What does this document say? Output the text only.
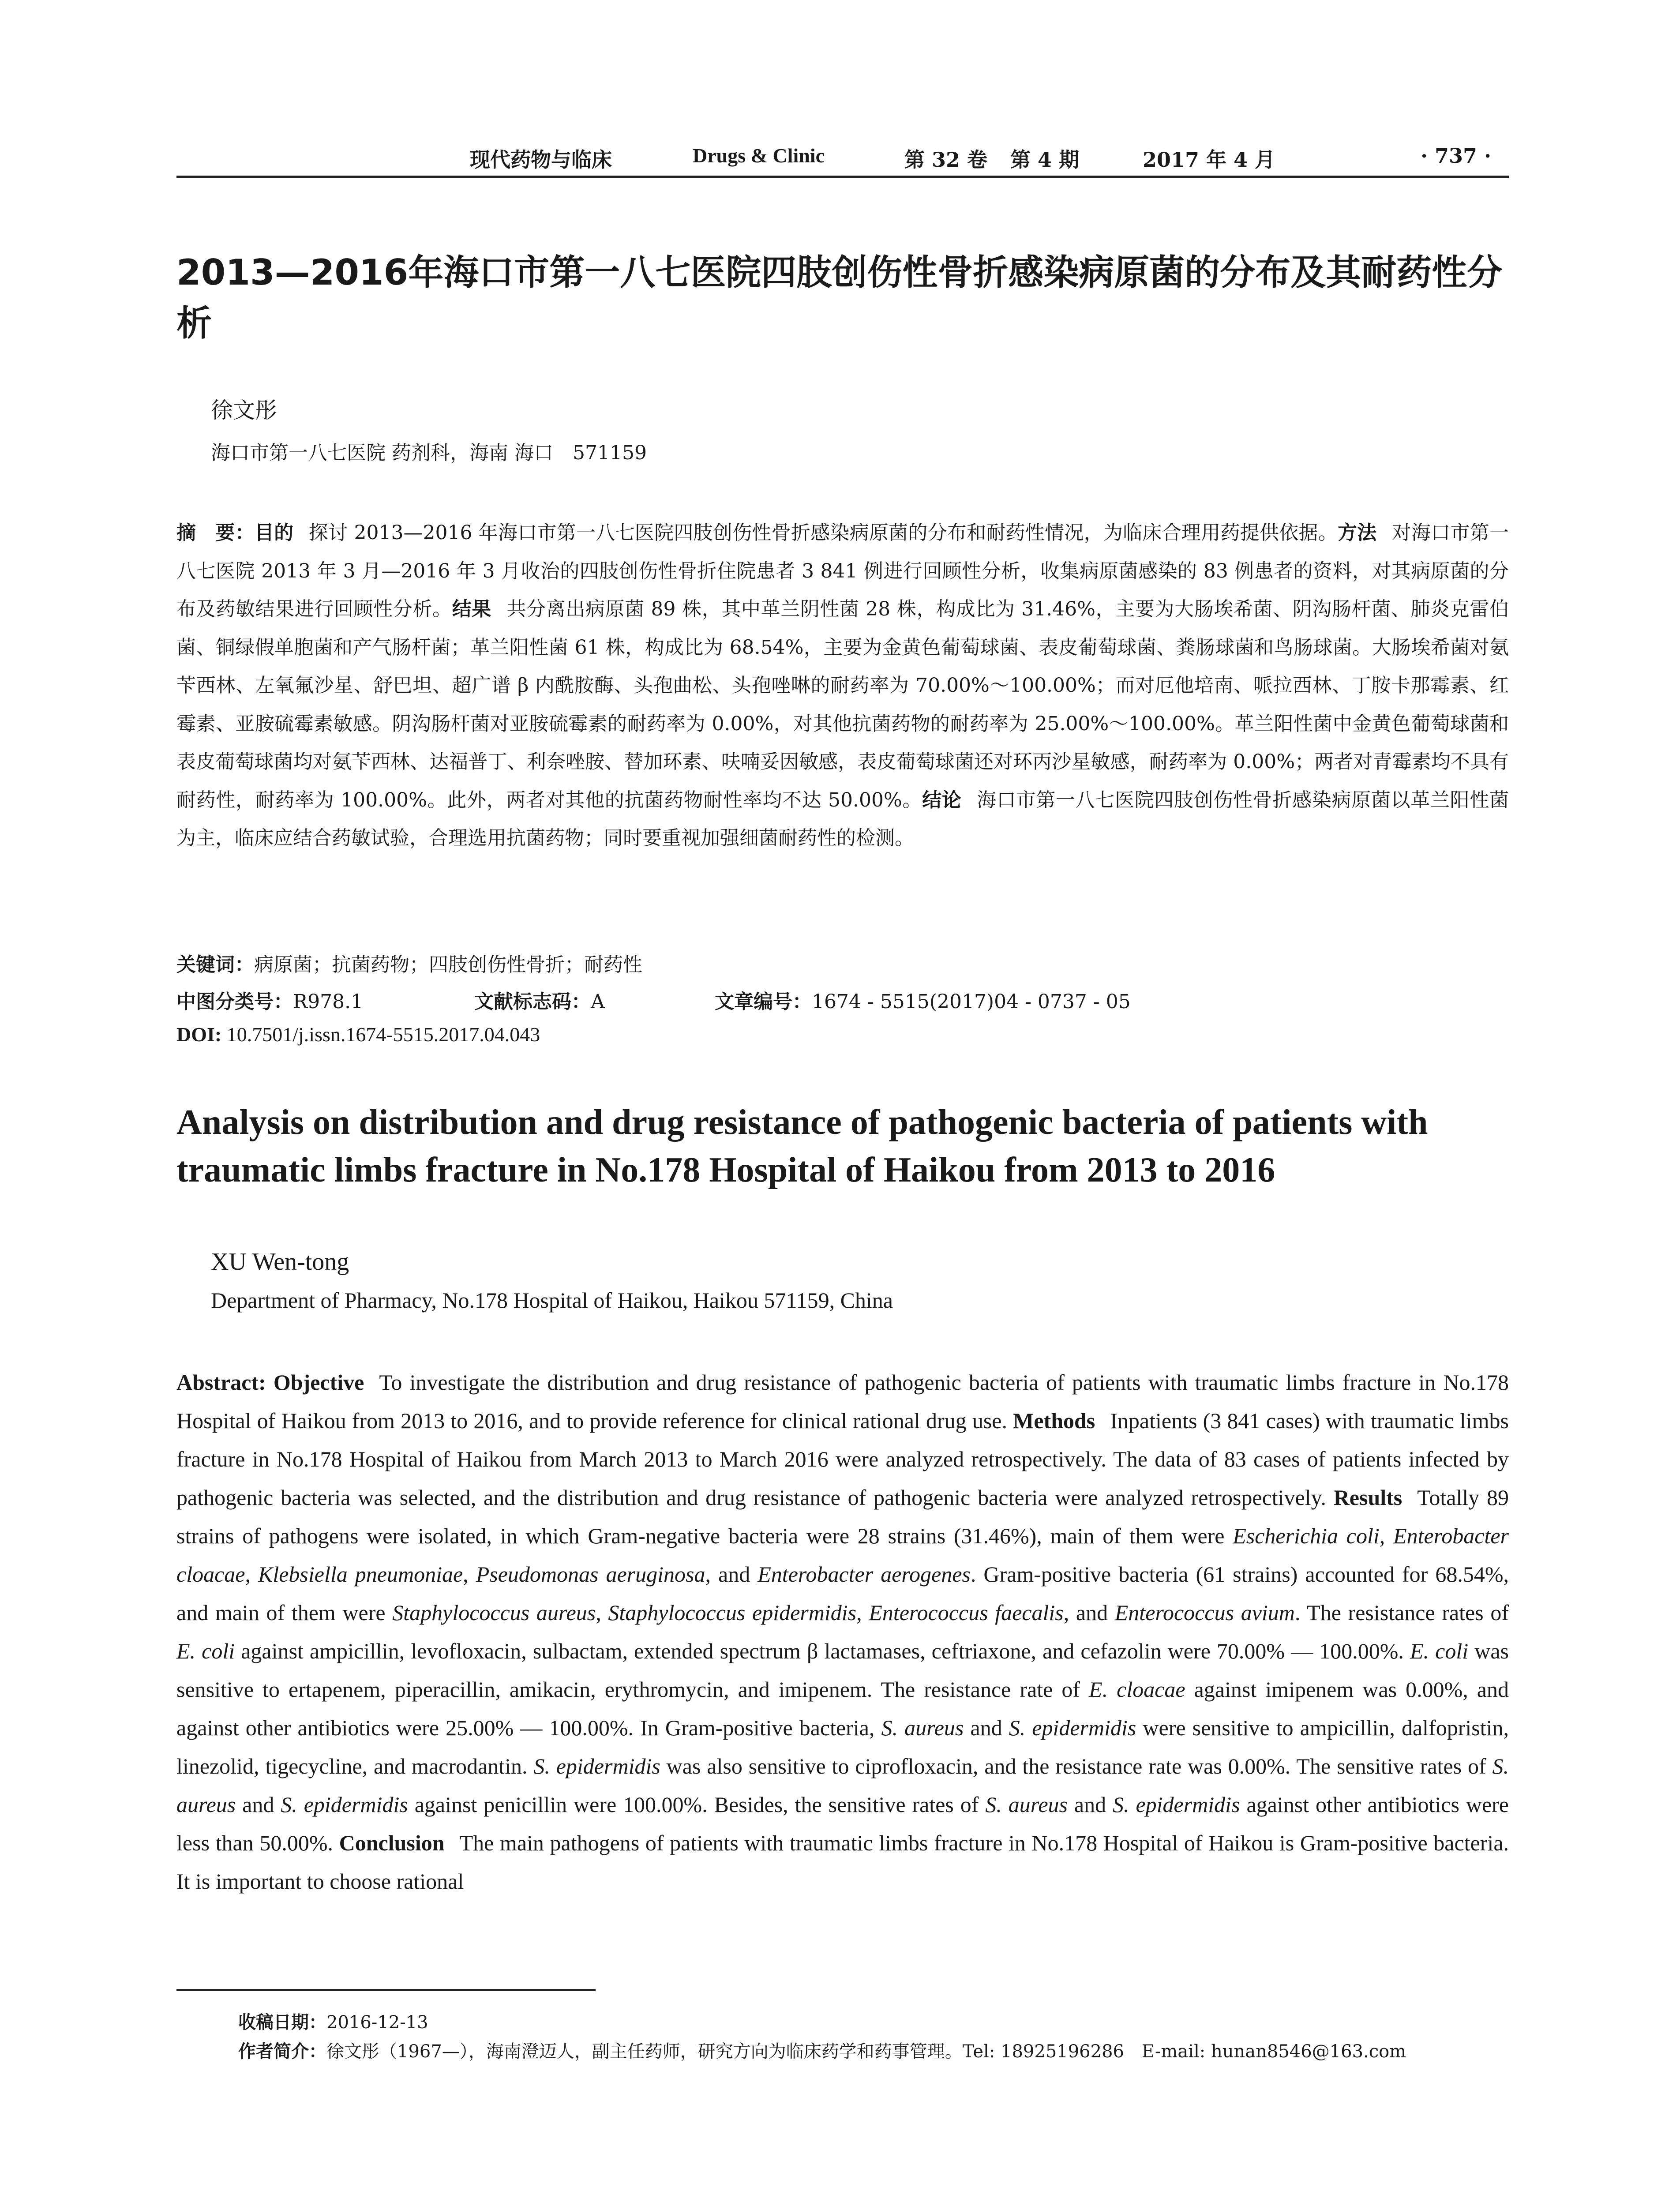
现代药物与临床	Drugs & Clinic	第 32 卷 第 4 期	2017 年 4 月	· 737 ·
2013—2016年海口市第一八七医院四肢创伤性骨折感染病原菌的分布及其耐药性分析
徐文彤
海口市第一八七医院 药剂科，海南 海口　571159

摘　要：目的 探讨 2013—2016 年海口市第一八七医院四肢创伤性骨折感染病原菌的分布和耐药性情况，为临床合理用药提供依据。方法 对海口市第一八七医院 2013 年 3 月—2016 年 3 月收治的四肢创伤性骨折住院患者 3 841 例进行回顾性分析，收集病原菌感染的 83 例患者的资料，对其病原菌的分布及药敏结果进行回顾性分析。结果 共分离出病原菌 89 株，其中革兰阴性菌 28 株，构成比为 31.46%，主要为大肠埃希菌、阴沟肠杆菌、肺炎克雷伯菌、铜绿假单胞菌和产气肠杆菌；革兰阳性菌 61 株，构成比为 68.54%，主要为金黄色葡萄球菌、表皮葡萄球菌、粪肠球菌和鸟肠球菌。大肠埃希菌对氨苄西林、左氧氟沙星、舒巴坦、超广谱 β 内酰胺酶、头孢曲松、头孢唑啉的耐药率为 70.00%～100.00%；而对厄他培南、哌拉西林、丁胺卡那霉素、红霉素、亚胺硫霉素敏感。阴沟肠杆菌对亚胺硫霉素的耐药率为 0.00%，对其他抗菌药物的耐药率为 25.00%～100.00%。革兰阳性菌中金黄色葡萄球菌和表皮葡萄球菌均对氨苄西林、达福普丁、利奈唑胺、替加环素、呋喃妥因敏感，表皮葡萄球菌还对环丙沙星敏感，耐药率为 0.00%；两者对青霉素均不具有耐药性，耐药率为 100.00%。此外，两者对其他的抗菌药物耐性率均不达 50.00%。结论 海口市第一八七医院四肢创伤性骨折感染病原菌以革兰阳性菌为主，临床应结合药敏试验，合理选用抗菌药物；同时要重视加强细菌耐药性的检测。

关键词：病原菌；抗菌药物；四肢创伤性骨折；耐药性
中图分类号：R978.1	文献标志码：A	文章编号：1674 - 5515(2017)04 - 0737 - 05
DOI: 10.7501/j.issn.1674-5515.2017.04.043
Analysis on distribution and drug resistance of pathogenic bacteria of patients with traumatic limbs fracture in No.178 Hospital of Haikou from 2013 to 2016
XU Wen-tong
Department of Pharmacy, No.178 Hospital of Haikou, Haikou 571159, China

Abstract: Objective To investigate the distribution and drug resistance of pathogenic bacteria of patients with traumatic limbs fracture in No.178 Hospital of Haikou from 2013 to 2016, and to provide reference for clinical rational drug use. Methods Inpatients (3 841 cases) with traumatic limbs fracture in No.178 Hospital of Haikou from March 2013 to March 2016 were analyzed retrospectively. The data of 83 cases of patients infected by pathogenic bacteria was selected, and the distribution and drug resistance of pathogenic bacteria were analyzed retrospectively. Results Totally 89 strains of pathogens were isolated, in which Gram-negative bacteria were 28 strains (31.46%), main of them were Escherichia coli, Enterobacter cloacae, Klebsiella pneumoniae, Pseudomonas aeruginosa, and Enterobacter aerogenes. Gram-positive bacteria (61 strains) accounted for 68.54%, and main of them were Staphylococcus aureus, Staphylococcus epidermidis, Enterococcus faecalis, and Enterococcus avium. The resistance rates of E. coli against ampicillin, levofloxacin, sulbactam, extended spectrum β lactamases, ceftriaxone, and cefazolin were 70.00% — 100.00%. E. coli was sensitive to ertapenem, piperacillin, amikacin, erythromycin, and imipenem. The resistance rate of E. cloacae against imipenem was 0.00%, and against other antibiotics were 25.00% — 100.00%. In Gram-positive bacteria, S. aureus and S. epidermidis were sensitive to ampicillin, dalfopristin, linezolid, tigecycline, and macrodantin. S. epidermidis was also sensitive to ciprofloxacin, and the resistance rate was 0.00%. The sensitive rates of S. aureus and S. epidermidis against penicillin were 100.00%. Besides, the sensitive rates of S. aureus and S. epidermidis against other antibiotics were less than 50.00%. Conclusion The main pathogens of patients with traumatic limbs fracture in No.178 Hospital of Haikou is Gram-positive bacteria. It is important to choose rational

收稿日期：2016-12-13
作者简介：徐文彤（1967—），海南澄迈人，副主任药师，研究方向为临床药学和药事管理。Tel: 18925196286　E-mail: hunan8546@163.com
